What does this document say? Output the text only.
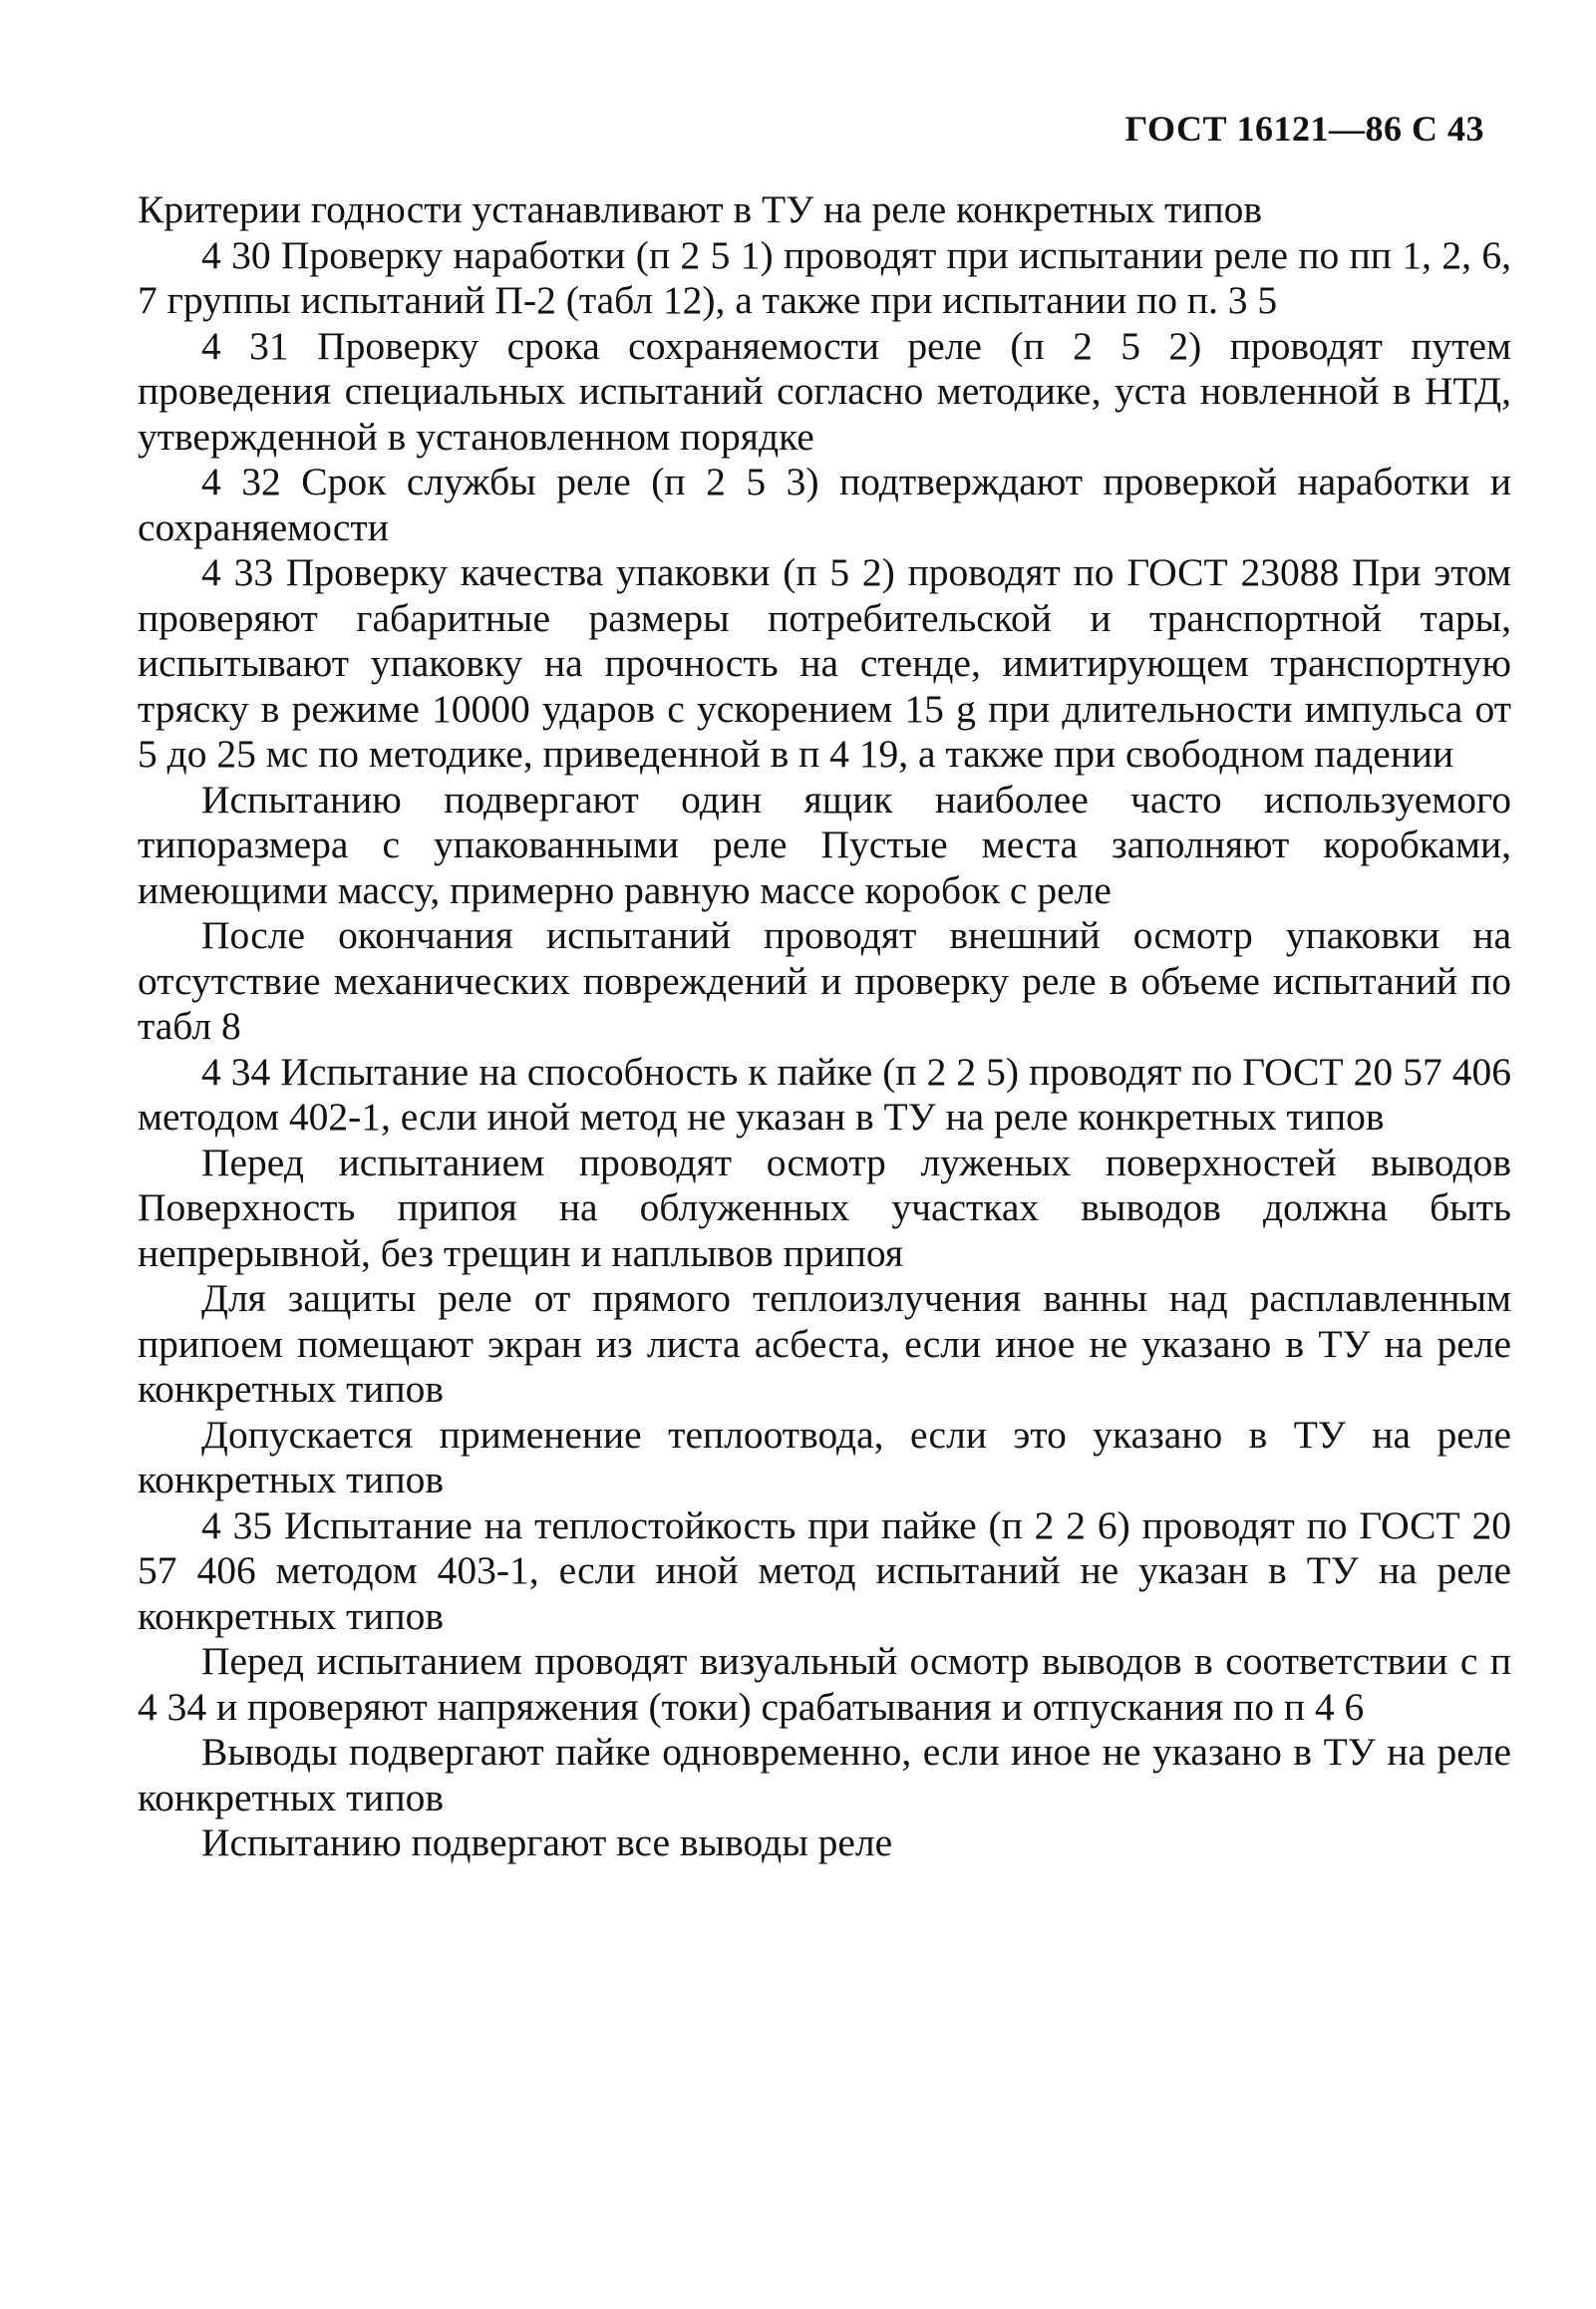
ГОСТ 16121—86 С 43

Критерии годности устанавливают в ТУ на реле конкретных типов

4 30 Проверку наработки (п 2 5 1) проводят при испытании реле по пп 1, 2, 6, 7 группы испытаний П-2 (табл 12), а также при испытании по п. 3 5

4 31 Проверку срока сохраняемости реле (п 2 5 2) проводят путем проведения специальных испытаний согласно методике, уста новленной в НТД, утвержденной в установленном порядке

4 32 Срок службы реле (п 2 5 3) подтверждают проверкой наработки и сохраняемости

4 33 Проверку качества упаковки (п 5 2) проводят по ГОСТ 23088 При этом проверяют габаритные размеры потребительской и транспортной тары, испытывают упаковку на прочность на стенде, имитирующем транспортную тряску в режиме 10000 ударов с ускорением 15 g при длительности импульса от 5 до 25 мс по методике, приведенной в п 4 19, а также при свободном падении

Испытанию подвергают один ящик наиболее часто используемого типоразмера с упакованными реле Пустые места заполняют коробками, имеющими массу, примерно равную массе коробок с реле

После окончания испытаний проводят внешний осмотр упаковки на отсутствие механических повреждений и проверку реле в объеме испытаний по табл 8

4 34 Испытание на способность к пайке (п 2 2 5) проводят по ГОСТ 20 57 406 методом 402-1, если иной метод не указан в ТУ на реле конкретных типов

Перед испытанием проводят осмотр луженых поверхностей выводов Поверхность припоя на облуженных участках выводов должна быть непрерывной, без трещин и наплывов припоя

Для защиты реле от прямого теплоизлучения ванны над расплавленным припоем помещают экран из листа асбеста, если иное не указано в ТУ на реле конкретных типов

Допускается применение теплоотвода, если это указано в ТУ на реле конкретных типов

4 35 Испытание на теплостойкость при пайке (п 2 2 6) проводят по ГОСТ 20 57 406 методом 403-1, если иной метод испытаний не указан в ТУ на реле конкретных типов

Перед испытанием проводят визуальный осмотр выводов в соответствии с п 4 34 и проверяют напряжения (токи) срабатывания и отпускания по п 4 6

Выводы подвергают пайке одновременно, если иное не указано в ТУ на реле конкретных типов

Испытанию подвергают все выводы реле
